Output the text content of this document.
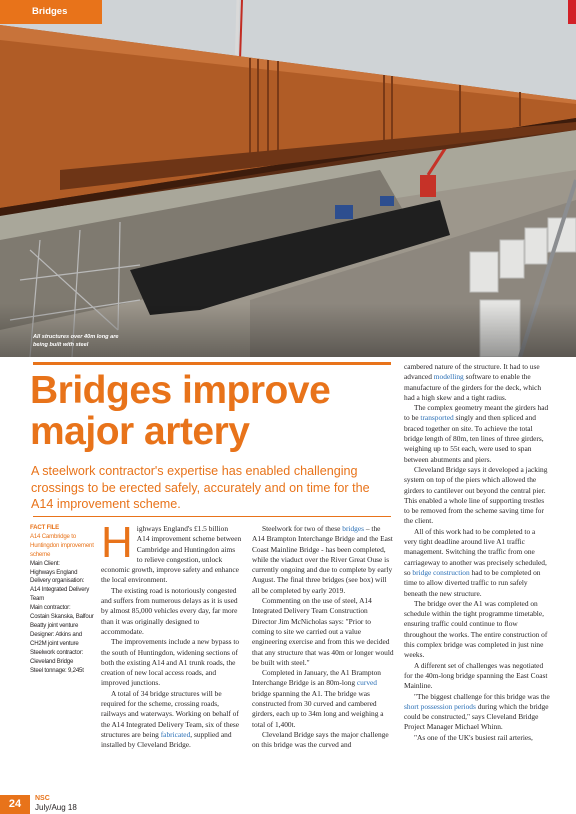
Bridges
All structures over 40m long are being built with steel
Bridges improve
major artery
A steelwork contractor's expertise has enabled challenging crossings to be erected safely, accurately and on time for the A14 improvement scheme.
FACT FILE
A14 Cambridge to Huntingdon improvement scheme
Main Client:
Highways England
Delivery organisation:
A14 Integrated Delivery Team
Main contractor:
Costain Skanska, Balfour Beatty joint venture
Designer: Atkins and CH2M joint venture
Steelwork contractor:
Cleveland Bridge
Steel tonnage: 9,245t

Highways England's £1.5 billion A14 improvement scheme between Cambridge and Huntingdon aims to relieve congestion, unlock economic growth, improve safety and enhance the local environment.

The existing road is notoriously congested and suffers from numerous delays as it is used by almost 85,000 vehicles every day, far more than it was originally designed to accommodate.

The improvements include a new bypass to the south of Huntingdon, widening sections of both the existing A14 and A1 trunk roads, the creation of new local access roads, and improved junctions.

A total of 34 bridge structures will be required for the scheme, crossing roads, railways and waterways. Working on behalf of the A14 Integrated Delivery Team, six of these structures are being fabricated, supplied and installed by Cleveland Bridge.

Steelwork for two of these bridges – the A14 Brampton Interchange Bridge and the East Coast Mainline Bridge - has been completed, while the viaduct over the River Great Ouse is currently ongoing and due to complete by early August. The final three bridges (see box) will all be completed by early 2019.

Commenting on the use of steel, A14 Integrated Delivery Team Construction Director Jim McNicholas says: "Prior to coming to site we carried out a value engineering exercise and from this we decided that any structure that was 40m or longer would be built with steel."

Completed in January, the A1 Brampton Interchange Bridge is an 80m-long curved bridge spanning the A1. The bridge was constructed from 30 curved and cambered girders, each up to 34m long and weighing a total of 1,400t.

Cleveland Bridge says the major challenge on this bridge was the curved and

cambered nature of the structure. It had to use advanced modelling software to enable the manufacture of the girders for the deck, which had a high skew and a tight radius.

The complex geometry meant the girders had to be transported singly and then spliced and braced together on site. To achieve the total bridge length of 80m, ten lines of three girders, weighing up to 55t each, were used to span between abutments and piers.

Cleveland Bridge says it developed a jacking system on top of the piers which allowed the girders to cantilever out beyond the central pier. This enabled a whole line of supporting trestles to be removed from the scheme saving time for the client.

All of this work had to be completed to a very tight deadline around live A1 traffic management. Switching the traffic from one carriageway to another was precisely scheduled, so bridge construction had to be completed on time to allow diverted traffic to run safely beneath the new structure.

The bridge over the A1 was completed on schedule within the tight programme timetable, ensuring traffic could continue to flow throughout the works. The entire construction of this complex bridge was completed in just nine weeks.

A different set of challenges was negotiated for the 40m-long bridge spanning the East Coast Mainline.

"The biggest challenge for this bridge was the short possession periods during which the bridge could be constructed," says Cleveland Bridge Project Manager Michael Whinn.

"As one of the UK's busiest rail arteries,

24	NSC
July/Aug 18
